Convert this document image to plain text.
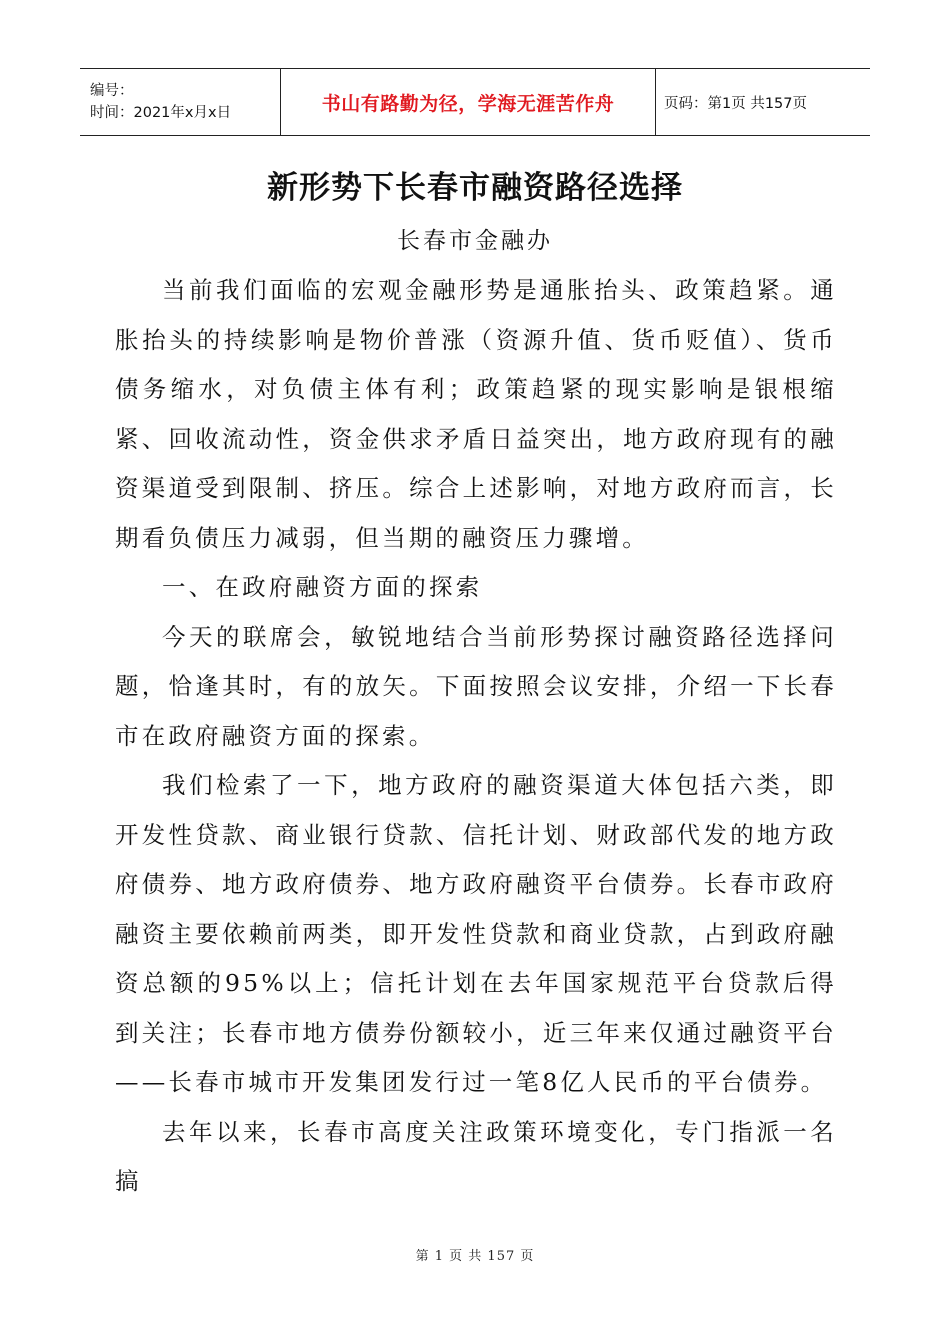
编号：
时间：2021年x月x日	书山有路勤为径，学海无涯苦作舟	页码：第1页 共157页
新形势下长春市融资路径选择
长春市金融办

当前我们面临的宏观金融形势是通胀抬头、政策趋紧。通胀抬头的持续影响是物价普涨（资源升值、货币贬值）、货币债务缩水，对负债主体有利；政策趋紧的现实影响是银根缩紧、回收流动性，资金供求矛盾日益突出，地方政府现有的融资渠道受到限制、挤压。综合上述影响，对地方政府而言，长期看负债压力减弱，但当期的融资压力骤增。

一、在政府融资方面的探索

今天的联席会，敏锐地结合当前形势探讨融资路径选择问题，恰逢其时，有的放矢。下面按照会议安排，介绍一下长春市在政府融资方面的探索。

我们检索了一下，地方政府的融资渠道大体包括六类，即开发性贷款、商业银行贷款、信托计划、财政部代发的地方政府债券、地方政府债券、地方政府融资平台债券。长春市政府融资主要依赖前两类，即开发性贷款和商业贷款，占到政府融资总额的95%以上；信托计划在去年国家规范平台贷款后得到关注；长春市地方债券份额较小，近三年来仅通过融资平台——长春市城市开发集团发行过一笔8亿人民币的平台债券。

去年以来，长春市高度关注政策环境变化，专门指派一名搞

第 1 页 共 157 页
